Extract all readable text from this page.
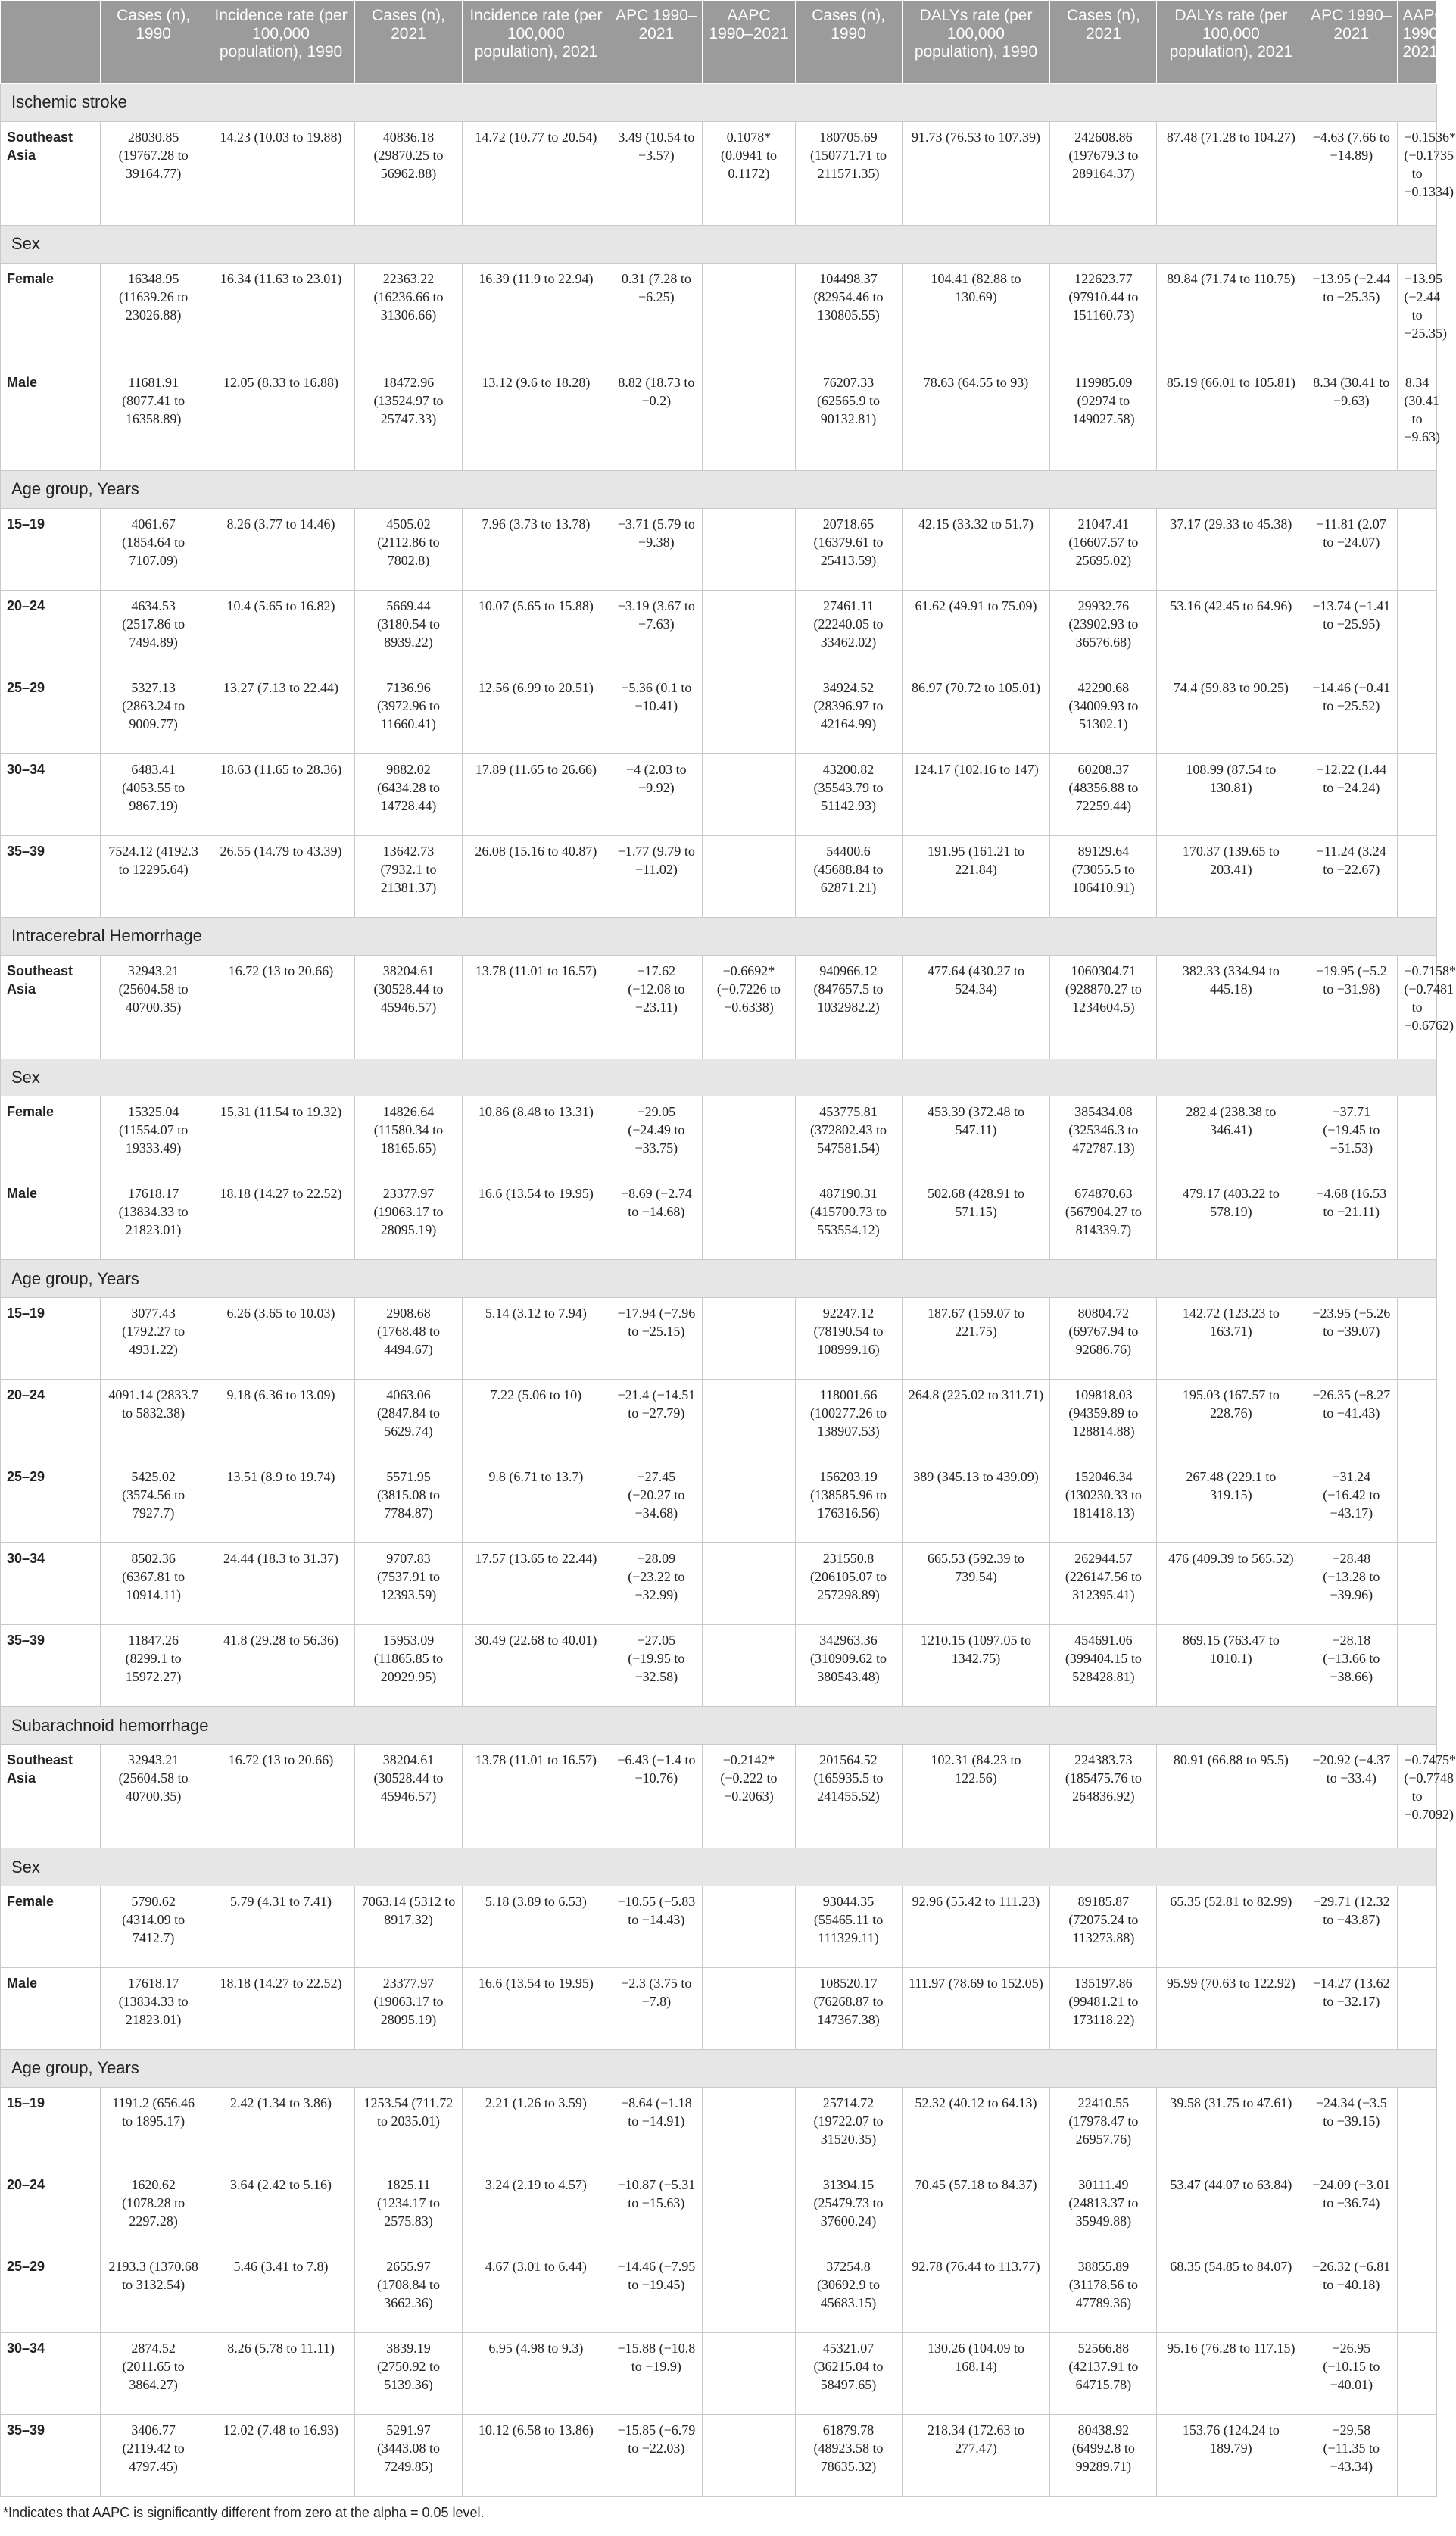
	Cases (n), 1990	Incidence rate (per 100,000 population), 1990	Cases (n), 2021	Incidence rate (per 100,000 population), 2021	APC 1990–2021	AAPC 1990–2021	Cases (n), 1990	DALYs rate (per 100,000 population), 1990	Cases (n), 2021	DALYs rate (per 100,000 population), 2021	APC 1990–2021	AAPC 1990–2021
Ischemic stroke												
Southeast Asia	28030.85 (19767.28 to 39164.77)	14.23 (10.03 to 19.88)	40836.18 (29870.25 to 56962.88)	14.72 (10.77 to 20.54)	3.49 (10.54 to −3.57)	0.1078* (0.0941 to 0.1172)	180705.69 (150771.71 to 211571.35)	91.73 (76.53 to 107.39)	242608.86 (197679.3 to 289164.37)	87.48 (71.28 to 104.27)	−4.63 (7.66 to −14.89)	−0.1536* (−0.1735 to −0.1334)
Sex												
Female	16348.95 (11639.26 to 23026.88)	16.34 (11.63 to 23.01)	22363.22 (16236.66 to 31306.66)	16.39 (11.9 to 22.94)	0.31 (7.28 to −6.25)		104498.37 (82954.46 to 130805.55)	104.41 (82.88 to 130.69)	122623.77 (97910.44 to 151160.73)	89.84 (71.74 to 110.75)	−13.95 (−2.44 to −25.35)	−13.95 (−2.44 to −25.35)
Male	11681.91 (8077.41 to 16358.89)	12.05 (8.33 to 16.88)	18472.96 (13524.97 to 25747.33)	13.12 (9.6 to 18.28)	8.82 (18.73 to −0.2)		76207.33 (62565.9 to 90132.81)	78.63 (64.55 to 93)	119985.09 (92974 to 149027.58)	85.19 (66.01 to 105.81)	8.34 (30.41 to −9.63)	8.34 (30.41 to −9.63)
Age group, Years												
15–19	4061.67 (1854.64 to 7107.09)	8.26 (3.77 to 14.46)	4505.02 (2112.86 to 7802.8)	7.96 (3.73 to 13.78)	−3.71 (5.79 to −9.38)		20718.65 (16379.61 to 25413.59)	42.15 (33.32 to 51.7)	21047.41 (16607.57 to 25695.02)	37.17 (29.33 to 45.38)	−11.81 (2.07 to −24.07)	
20–24	4634.53 (2517.86 to 7494.89)	10.4 (5.65 to 16.82)	5669.44 (3180.54 to 8939.22)	10.07 (5.65 to 15.88)	−3.19 (3.67 to −7.63)		27461.11 (22240.05 to 33462.02)	61.62 (49.91 to 75.09)	29932.76 (23902.93 to 36576.68)	53.16 (42.45 to 64.96)	−13.74 (−1.41 to −25.95)	
25–29	5327.13 (2863.24 to 9009.77)	13.27 (7.13 to 22.44)	7136.96 (3972.96 to 11660.41)	12.56 (6.99 to 20.51)	−5.36 (0.1 to −10.41)		34924.52 (28396.97 to 42164.99)	86.97 (70.72 to 105.01)	42290.68 (34009.93 to 51302.1)	74.4 (59.83 to 90.25)	−14.46 (−0.41 to −25.52)	
30–34	6483.41 (4053.55 to 9867.19)	18.63 (11.65 to 28.36)	9882.02 (6434.28 to 14728.44)	17.89 (11.65 to 26.66)	−4 (2.03 to −9.92)		43200.82 (35543.79 to 51142.93)	124.17 (102.16 to 147)	60208.37 (48356.88 to 72259.44)	108.99 (87.54 to 130.81)	−12.22 (1.44 to −24.24)	
35–39	7524.12 (4192.3 to 12295.64)	26.55 (14.79 to 43.39)	13642.73 (7932.1 to 21381.37)	26.08 (15.16 to 40.87)	−1.77 (9.79 to −11.02)		54400.6 (45688.84 to 62871.21)	191.95 (161.21 to 221.84)	89129.64 (73055.5 to 106410.91)	170.37 (139.65 to 203.41)	−11.24 (3.24 to −22.67)	
Intracerebral Hemorrhage												
Southeast Asia	32943.21 (25604.58 to 40700.35)	16.72 (13 to 20.66)	38204.61 (30528.44 to 45946.57)	13.78 (11.01 to 16.57)	−17.62 (−12.08 to −23.11)	−0.6692* (−0.7226 to −0.6338)	940966.12 (847657.5 to 1032982.2)	477.64 (430.27 to 524.34)	1060304.71 (928870.27 to 1234604.5)	382.33 (334.94 to 445.18)	−19.95 (−5.2 to −31.98)	−0.7158* (−0.7481 to −0.6762)
Sex												
Female	15325.04 (11554.07 to 19333.49)	15.31 (11.54 to 19.32)	14826.64 (11580.34 to 18165.65)	10.86 (8.48 to 13.31)	−29.05 (−24.49 to −33.75)		453775.81 (372802.43 to 547581.54)	453.39 (372.48 to 547.11)	385434.08 (325346.3 to 472787.13)	282.4 (238.38 to 346.41)	−37.71 (−19.45 to −51.53)	
Male	17618.17 (13834.33 to 21823.01)	18.18 (14.27 to 22.52)	23377.97 (19063.17 to 28095.19)	16.6 (13.54 to 19.95)	−8.69 (−2.74 to −14.68)		487190.31 (415700.73 to 553554.12)	502.68 (428.91 to 571.15)	674870.63 (567904.27 to 814339.7)	479.17 (403.22 to 578.19)	−4.68 (16.53 to −21.11)	
Age group, Years												
15–19	3077.43 (1792.27 to 4931.22)	6.26 (3.65 to 10.03)	2908.68 (1768.48 to 4494.67)	5.14 (3.12 to 7.94)	−17.94 (−7.96 to −25.15)		92247.12 (78190.54 to 108999.16)	187.67 (159.07 to 221.75)	80804.72 (69767.94 to 92686.76)	142.72 (123.23 to 163.71)	−23.95 (−5.26 to −39.07)	
20–24	4091.14 (2833.7 to 5832.38)	9.18 (6.36 to 13.09)	4063.06 (2847.84 to 5629.74)	7.22 (5.06 to 10)	−21.4 (−14.51 to −27.79)		118001.66 (100277.26 to 138907.53)	264.8 (225.02 to 311.71)	109818.03 (94359.89 to 128814.88)	195.03 (167.57 to 228.76)	−26.35 (−8.27 to −41.43)	
25–29	5425.02 (3574.56 to 7927.7)	13.51 (8.9 to 19.74)	5571.95 (3815.08 to 7784.87)	9.8 (6.71 to 13.7)	−27.45 (−20.27 to −34.68)		156203.19 (138585.96 to 176316.56)	389 (345.13 to 439.09)	152046.34 (130230.33 to 181418.13)	267.48 (229.1 to 319.15)	−31.24 (−16.42 to −43.17)	
30–34	8502.36 (6367.81 to 10914.11)	24.44 (18.3 to 31.37)	9707.83 (7537.91 to 12393.59)	17.57 (13.65 to 22.44)	−28.09 (−23.22 to −32.99)		231550.8 (206105.07 to 257298.89)	665.53 (592.39 to 739.54)	262944.57 (226147.56 to 312395.41)	476 (409.39 to 565.52)	−28.48 (−13.28 to −39.96)	
35–39	11847.26 (8299.1 to 15972.27)	41.8 (29.28 to 56.36)	15953.09 (11865.85 to 20929.95)	30.49 (22.68 to 40.01)	−27.05 (−19.95 to −32.58)		342963.36 (310909.62 to 380543.48)	1210.15 (1097.05 to 1342.75)	454691.06 (399404.15 to 528428.81)	869.15 (763.47 to 1010.1)	−28.18 (−13.66 to −38.66)	
Subarachnoid hemorrhage												
Southeast Asia	32943.21 (25604.58 to 40700.35)	16.72 (13 to 20.66)	38204.61 (30528.44 to 45946.57)	13.78 (11.01 to 16.57)	−6.43 (−1.4 to −10.76)	−0.2142* (−0.222 to −0.2063)	201564.52 (165935.5 to 241455.52)	102.31 (84.23 to 122.56)	224383.73 (185475.76 to 264836.92)	80.91 (66.88 to 95.5)	−20.92 (−4.37 to −33.4)	−0.7475* (−0.7748 to −0.7092)
Sex												
Female	5790.62 (4314.09 to 7412.7)	5.79 (4.31 to 7.41)	7063.14 (5312 to 8917.32)	5.18 (3.89 to 6.53)	−10.55 (−5.83 to −14.43)		93044.35 (55465.11 to 111329.11)	92.96 (55.42 to 111.23)	89185.87 (72075.24 to 113273.88)	65.35 (52.81 to 82.99)	−29.71 (12.32 to −43.87)	
Male	17618.17 (13834.33 to 21823.01)	18.18 (14.27 to 22.52)	23377.97 (19063.17 to 28095.19)	16.6 (13.54 to 19.95)	−2.3 (3.75 to −7.8)		108520.17 (76268.87 to 147367.38)	111.97 (78.69 to 152.05)	135197.86 (99481.21 to 173118.22)	95.99 (70.63 to 122.92)	−14.27 (13.62 to −32.17)	
Age group, Years												
15–19	1191.2 (656.46 to 1895.17)	2.42 (1.34 to 3.86)	1253.54 (711.72 to 2035.01)	2.21 (1.26 to 3.59)	−8.64 (−1.18 to −14.91)		25714.72 (19722.07 to 31520.35)	52.32 (40.12 to 64.13)	22410.55 (17978.47 to 26957.76)	39.58 (31.75 to 47.61)	−24.34 (−3.5 to −39.15)	
20–24	1620.62 (1078.28 to 2297.28)	3.64 (2.42 to 5.16)	1825.11 (1234.17 to 2575.83)	3.24 (2.19 to 4.57)	−10.87 (−5.31 to −15.63)		31394.15 (25479.73 to 37600.24)	70.45 (57.18 to 84.37)	30111.49 (24813.37 to 35949.88)	53.47 (44.07 to 63.84)	−24.09 (−3.01 to −36.74)	
25–29	2193.3 (1370.68 to 3132.54)	5.46 (3.41 to 7.8)	2655.97 (1708.84 to 3662.36)	4.67 (3.01 to 6.44)	−14.46 (−7.95 to −19.45)		37254.8 (30692.9 to 45683.15)	92.78 (76.44 to 113.77)	38855.89 (31178.56 to 47789.36)	68.35 (54.85 to 84.07)	−26.32 (−6.81 to −40.18)	
30–34	2874.52 (2011.65 to 3864.27)	8.26 (5.78 to 11.11)	3839.19 (2750.92 to 5139.36)	6.95 (4.98 to 9.3)	−15.88 (−10.8 to −19.9)		45321.07 (36215.04 to 58497.65)	130.26 (104.09 to 168.14)	52566.88 (42137.91 to 64715.78)	95.16 (76.28 to 117.15)	−26.95 (−10.15 to −40.01)	
35–39	3406.77 (2119.42 to 4797.45)	12.02 (7.48 to 16.93)	5291.97 (3443.08 to 7249.85)	10.12 (6.58 to 13.86)	−15.85 (−6.79 to −22.03)		61879.78 (48923.58 to 78635.32)	218.34 (172.63 to 277.47)	80438.92 (64992.8 to 99289.71)	153.76 (124.24 to 189.79)	−29.58 (−11.35 to −43.34)	
*Indicates that AAPC is significantly different from zero at the alpha = 0.05 level.
